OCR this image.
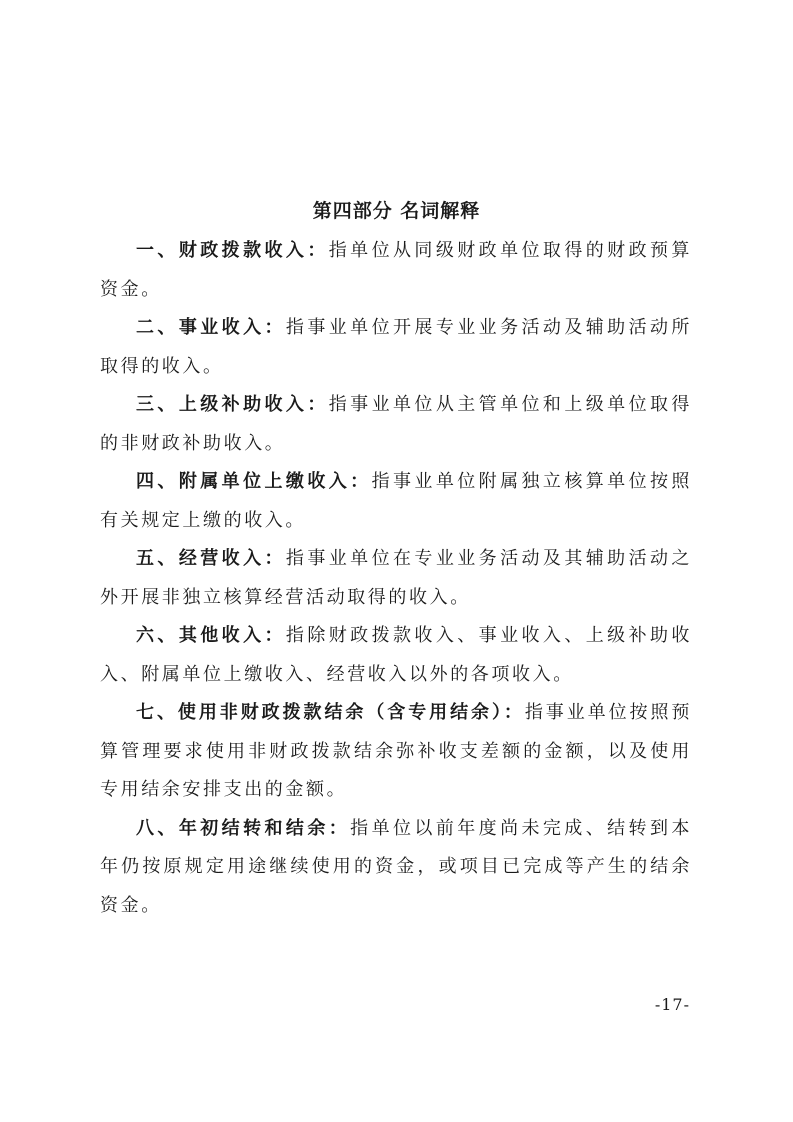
第四部分 名词解释

一、财政拨款收入：指单位从同级财政单位取得的财政预算资金。

二、事业收入：指事业单位开展专业业务活动及辅助活动所取得的收入。

三、上级补助收入：指事业单位从主管单位和上级单位取得的非财政补助收入。

四、附属单位上缴收入：指事业单位附属独立核算单位按照有关规定上缴的收入。

五、经营收入：指事业单位在专业业务活动及其辅助活动之外开展非独立核算经营活动取得的收入。

六、其他收入：指除财政拨款收入、事业收入、上级补助收入、附属单位上缴收入、经营收入以外的各项收入。

七、使用非财政拨款结余（含专用结余）：指事业单位按照预算管理要求使用非财政拨款结余弥补收支差额的金额，以及使用专用结余安排支出的金额。

八、年初结转和结余：指单位以前年度尚未完成、结转到本年仍按原规定用途继续使用的资金，或项目已完成等产生的结余资金。

-17-
